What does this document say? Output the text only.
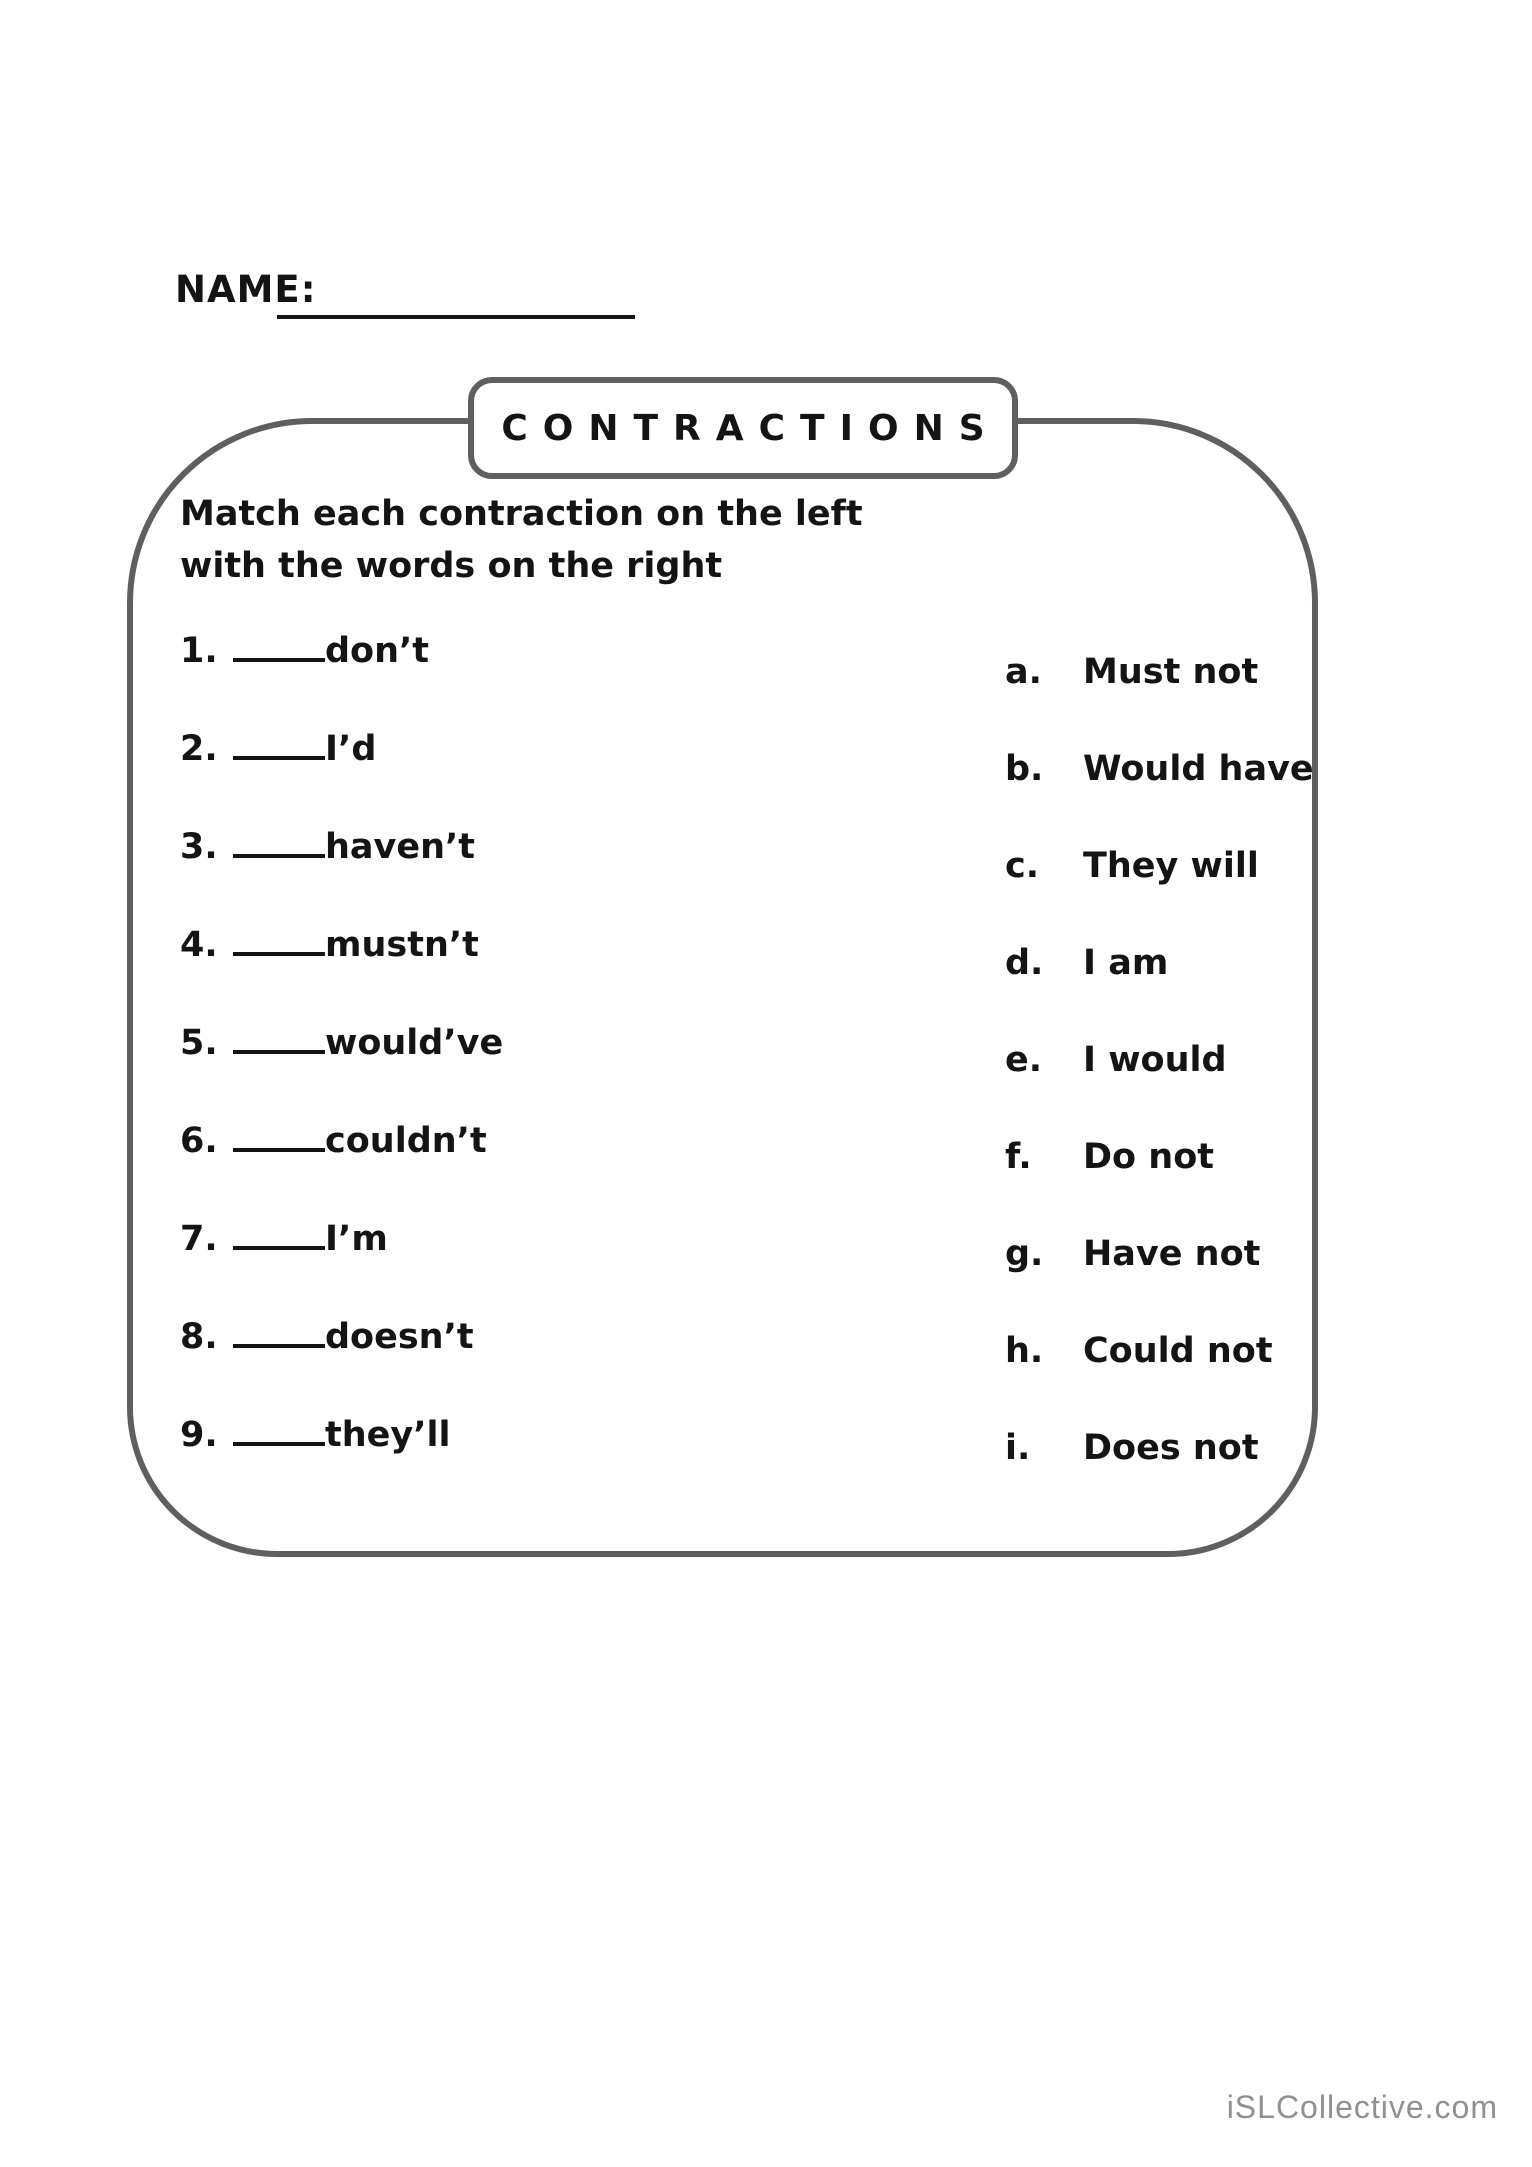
NAME:
CONTRACTIONS
Match each contraction on the left
with the words on the right
1.	don’t
2.	I’d
3.	haven’t
4.	mustn’t
5.	would’ve
6.	couldn’t
7.	I’m
8.	doesn’t
9.	they’ll
a. Must not
b. Would have
c. They will
d. I am
e. I would
f. Do not
g. Have not
h. Could not
i. Does not
iSLCollective.com
